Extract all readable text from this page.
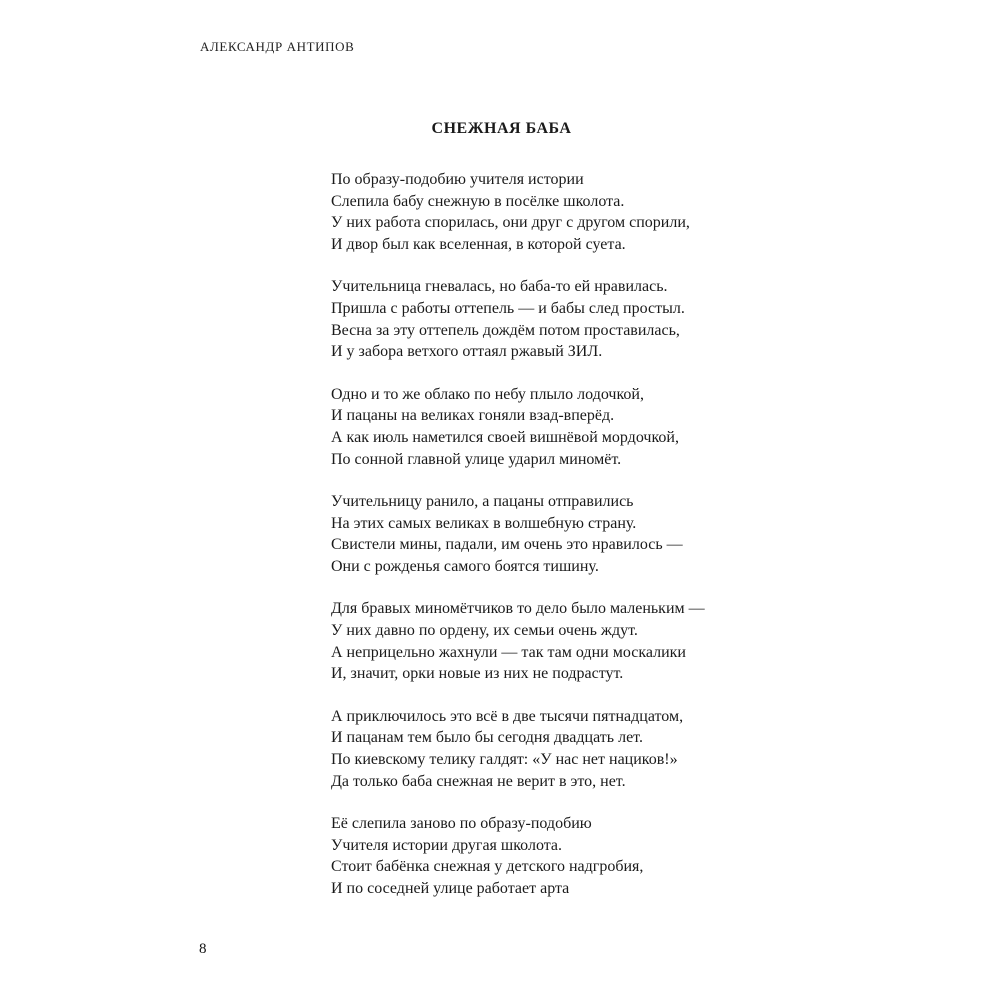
АЛЕКСАНДР АНТИПОВ
СНЕЖНАЯ БАБА
По образу-подобию учителя истории
Слепила бабу снежную в посёлке школота.
У них работа спорилась, они друг с другом спорили,
И двор был как вселенная, в которой суета.
Учительница гневалась, но баба-то ей нравилась.
Пришла с работы оттепель — и бабы след простыл.
Весна за эту оттепель дождём потом проставилась,
И у забора ветхого оттаял ржавый ЗИЛ.
Одно и то же облако по небу плыло лодочкой,
И пацаны на великах гоняли взад-вперёд.
А как июль наметился своей вишнёвой мордочкой,
По сонной главной улице ударил миномёт.
Учительницу ранило, а пацаны отправились
На этих самых великах в волшебную страну.
Свистели мины, падали, им очень это нравилось —
Они с рожденья самого боятся тишину.
Для бравых миномётчиков то дело было маленьким —
У них давно по ордену, их семьи очень ждут.
А неприцельно жахнули — так там одни москалики
И, значит, орки новые из них не подрастут.
А приключилось это всё в две тысячи пятнадцатом,
И пацанам тем было бы сегодня двадцать лет.
По киевскому телику галдят: «У нас нет нациков!»
Да только баба снежная не верит в это, нет.
Её слепила заново по образу-подобию
Учителя истории другая школота.
Стоит бабёнка снежная у детского надгробия,
И по соседней улице работает арта
8
